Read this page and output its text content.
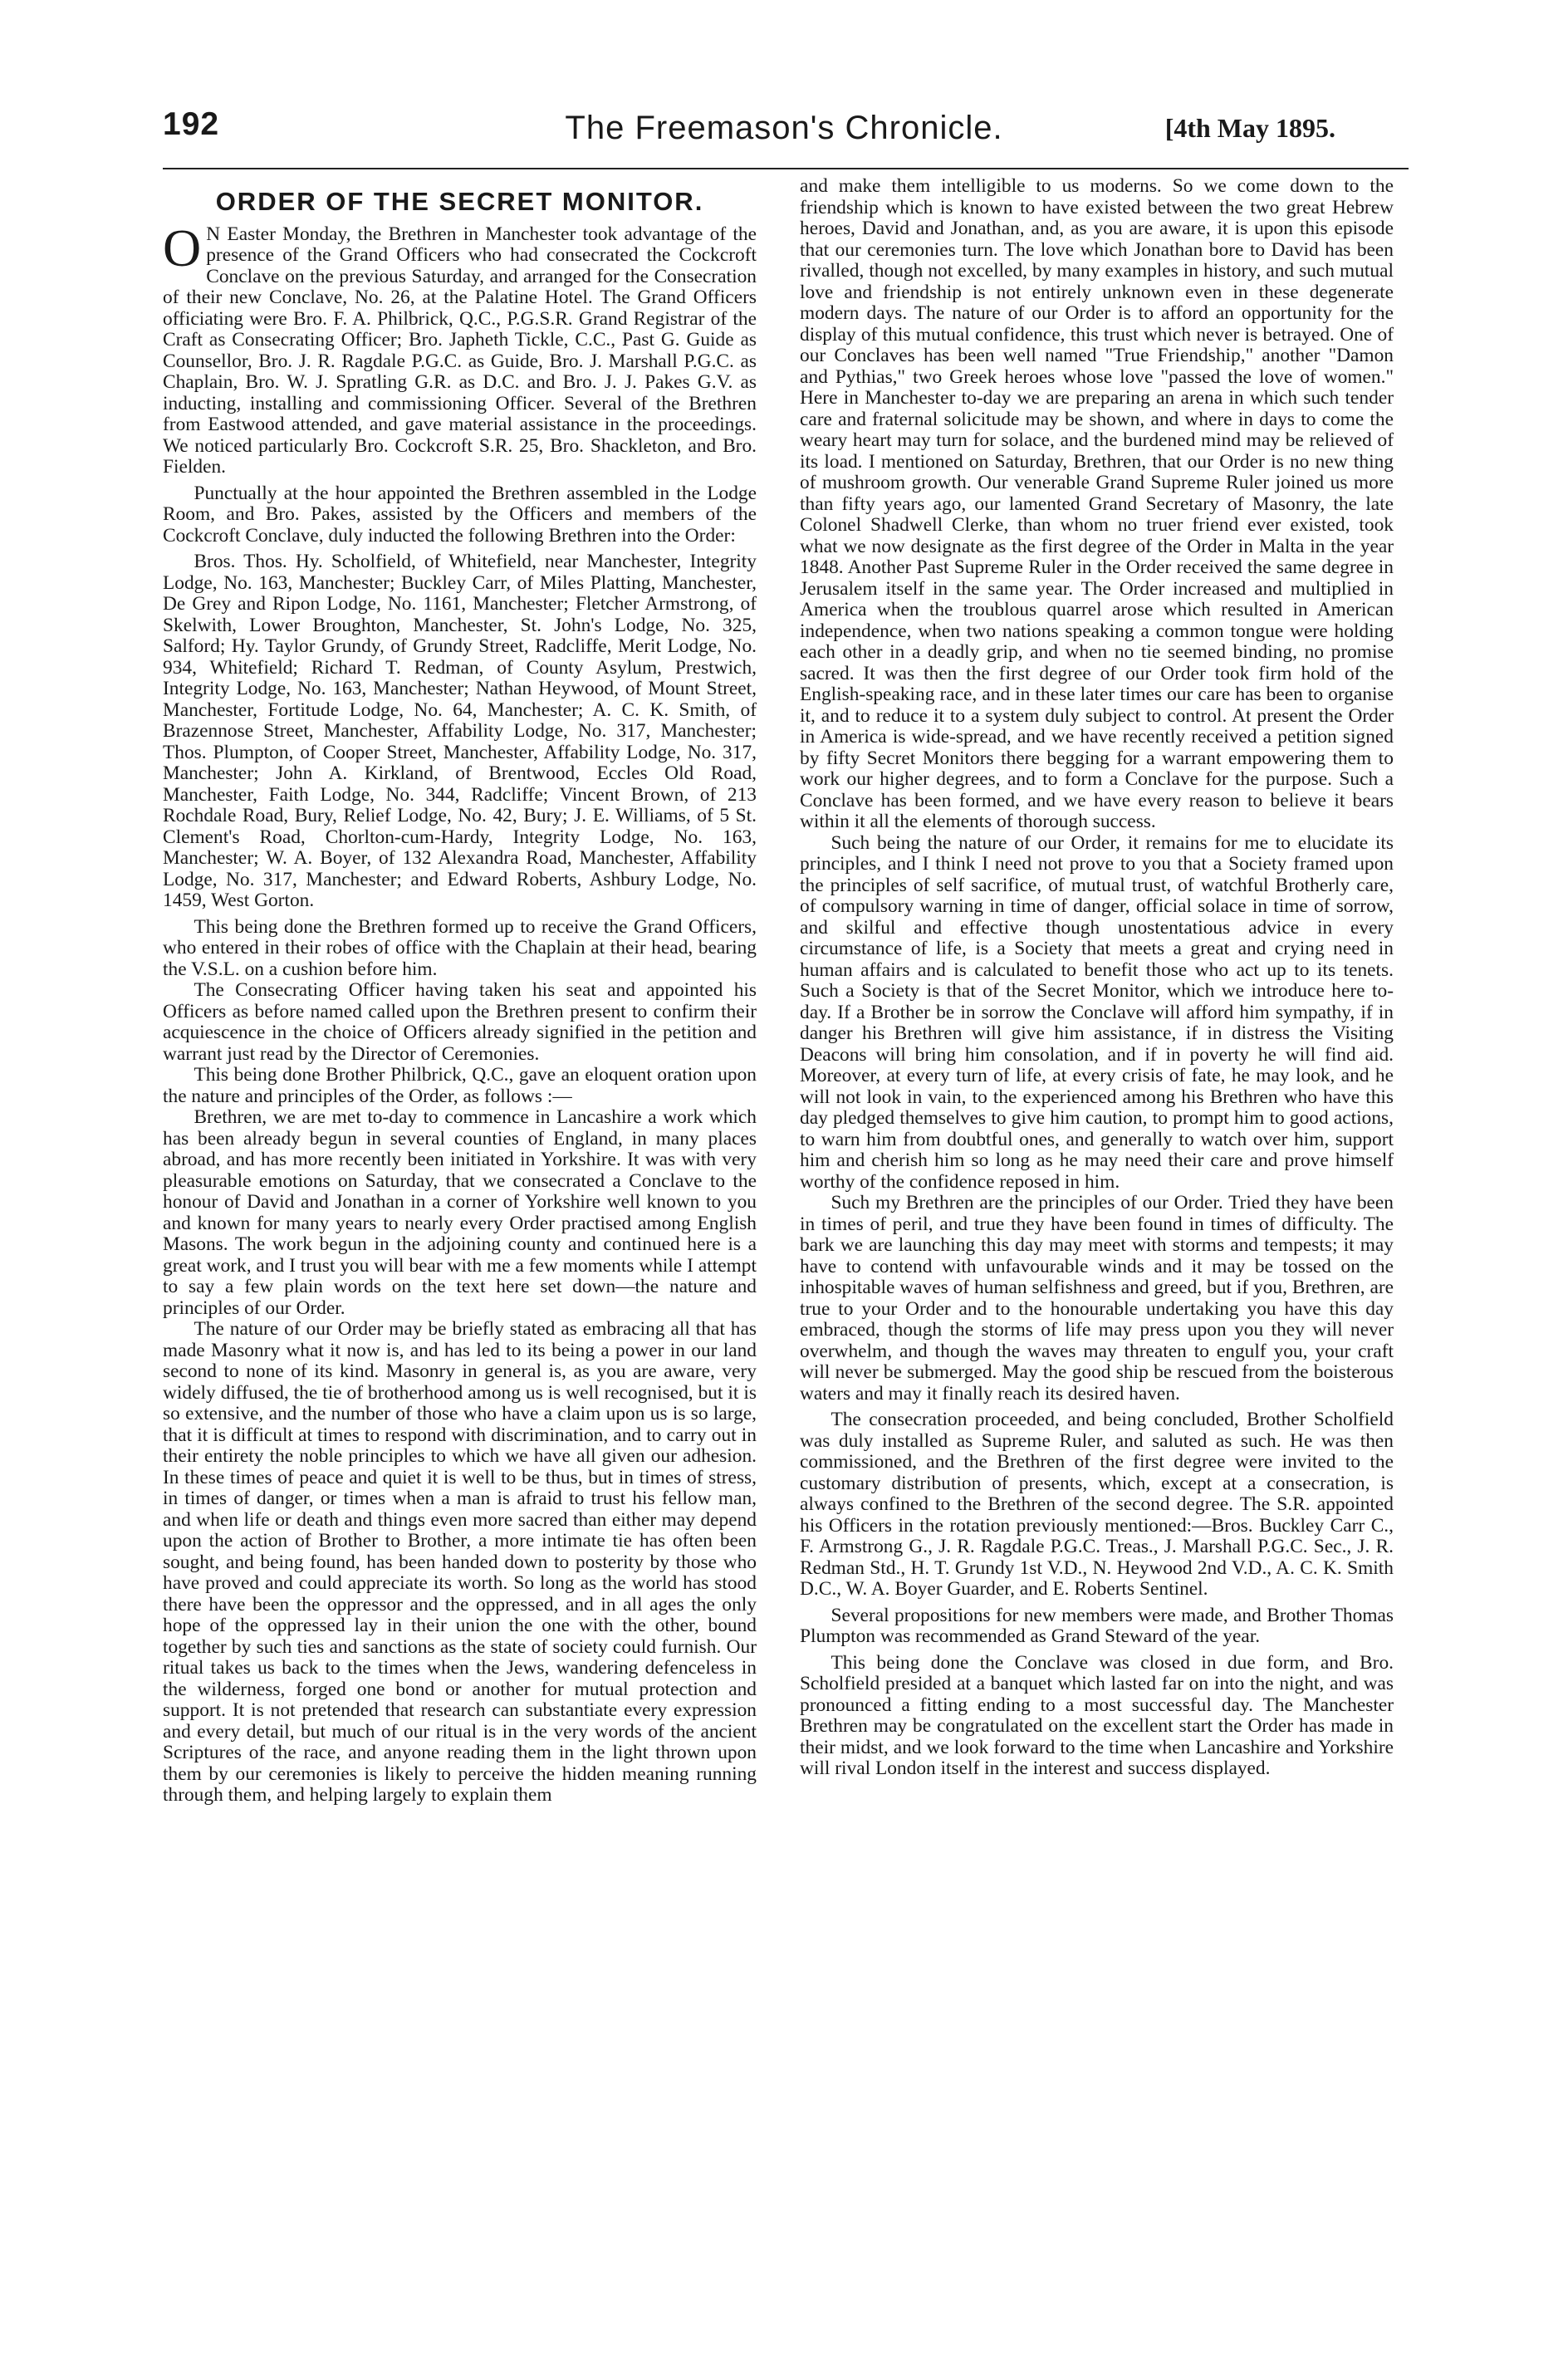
192	The Freemason's Chronicle.	[4th May 1895.

ORDER OF THE SECRET MONITOR.

O N Easter Monday, the Brethren in Manchester took advantage of the presence of the Grand Officers who had consecrated the Cockcroft Conclave on the previous Saturday, and arranged for the Consecration of their new Conclave, No. 26, at the Palatine Hotel. The Grand Officers officiating were Bro. F. A. Philbrick, Q.C., P.G.S.R. Grand Registrar of the Craft as Consecrating Officer; Bro. Japheth Tickle, C.C., Past G. Guide as Counsellor, Bro. J. R. Ragdale P.G.C. as Guide, Bro. J. Marshall P.G.C. as Chaplain, Bro. W. J. Spratling G.R. as D.C. and Bro. J. J. Pakes G.V. as inducting, installing and commissioning Officer. Several of the Brethren from Eastwood attended, and gave material assistance in the proceedings. We noticed particularly Bro. Cockcroft S.R. 25, Bro. Shackleton, and Bro. Fielden.

Punctually at the hour appointed the Brethren assembled in the Lodge Room, and Bro. Pakes, assisted by the Officers and members of the Cockcroft Conclave, duly inducted the following Brethren into the Order:

Bros. Thos. Hy. Scholfield, of Whitefield, near Manchester, Integrity Lodge, No. 163, Manchester; Buckley Carr, of Miles Platting, Manchester, De Grey and Ripon Lodge, No. 1161, Manchester; Fletcher Armstrong, of Skelwith, Lower Broughton, Manchester, St. John's Lodge, No. 325, Salford; Hy. Taylor Grundy, of Grundy Street, Radcliffe, Merit Lodge, No. 934, Whitefield; Richard T. Redman, of County Asylum, Prestwich, Integrity Lodge, No. 163, Manchester; Nathan Heywood, of Mount Street, Manchester, Fortitude Lodge, No. 64, Manchester; A. C. K. Smith, of Brazennose Street, Manchester, Affability Lodge, No. 317, Manchester; Thos. Plumpton, of Cooper Street, Manchester, Affability Lodge, No. 317, Manchester; John A. Kirkland, of Brentwood, Eccles Old Road, Manchester, Faith Lodge, No. 344, Radcliffe; Vincent Brown, of 213 Rochdale Road, Bury, Relief Lodge, No. 42, Bury; J. E. Williams, of 5 St. Clement's Road, Chorlton-cum-Hardy, Integrity Lodge, No. 163, Manchester; W. A. Boyer, of 132 Alexandra Road, Manchester, Affability Lodge, No. 317, Manchester; and Edward Roberts, Ashbury Lodge, No. 1459, West Gorton.

This being done the Brethren formed up to receive the Grand Officers, who entered in their robes of office with the Chaplain at their head, bearing the V.S.L. on a cushion before him.

The Consecrating Officer having taken his seat and appointed his Officers as before named called upon the Brethren present to confirm their acquiescence in the choice of Officers already signified in the petition and warrant just read by the Director of Ceremonies.

This being done Brother Philbrick, Q.C., gave an eloquent oration upon the nature and principles of the Order, as follows :—

Brethren, we are met to-day to commence in Lancashire a work which has been already begun in several counties of England, in many places abroad, and has more recently been initiated in Yorkshire. It was with very pleasurable emotions on Saturday, that we consecrated a Conclave to the honour of David and Jonathan in a corner of Yorkshire well known to you and known for many years to nearly every Order practised among English Masons. The work begun in the adjoining county and continued here is a great work, and I trust you will bear with me a few moments while I attempt to say a few plain words on the text here set down—the nature and principles of our Order.

The nature of our Order may be briefly stated as embracing all that has made Masonry what it now is, and has led to its being a power in our land second to none of its kind. Masonry in general is, as you are aware, very widely diffused, the tie of brotherhood among us is well recognised, but it is so extensive, and the number of those who have a claim upon us is so large, that it is difficult at times to respond with discrimination, and to carry out in their entirety the noble principles to which we have all given our adhesion. In these times of peace and quiet it is well to be thus, but in times of stress, in times of danger, or times when a man is afraid to trust his fellow man, and when life or death and things even more sacred than either may depend upon the action of Brother to Brother, a more intimate tie has often been sought, and being found, has been handed down to posterity by those who have proved and could appreciate its worth. So long as the world has stood there have been the oppressor and the oppressed, and in all ages the only hope of the oppressed lay in their union the one with the other, bound together by such ties and sanctions as the state of society could furnish. Our ritual takes us back to the times when the Jews, wandering defenceless in the wilderness, forged one bond or another for mutual protection and support. It is not pretended that research can substantiate every expression and every detail, but much of our ritual is in the very words of the ancient Scriptures of the race, and anyone reading them in the light thrown upon them by our ceremonies is likely to perceive the hidden meaning running through them, and helping largely to explain them

and make them intelligible to us moderns. So we come down to the friendship which is known to have existed between the two great Hebrew heroes, David and Jonathan, and, as you are aware, it is upon this episode that our ceremonies turn. The love which Jonathan bore to David has been rivalled, though not excelled, by many examples in history, and such mutual love and friendship is not entirely unknown even in these degenerate modern days. The nature of our Order is to afford an opportunity for the display of this mutual confidence, this trust which never is betrayed. One of our Conclaves has been well named "True Friendship," another "Damon and Pythias," two Greek heroes whose love "passed the love of women." Here in Manchester to-day we are preparing an arena in which such tender care and fraternal solicitude may be shown, and where in days to come the weary heart may turn for solace, and the burdened mind may be relieved of its load. I mentioned on Saturday, Brethren, that our Order is no new thing of mushroom growth. Our venerable Grand Supreme Ruler joined us more than fifty years ago, our lamented Grand Secretary of Masonry, the late Colonel Shadwell Clerke, than whom no truer friend ever existed, took what we now designate as the first degree of the Order in Malta in the year 1848. Another Past Supreme Ruler in the Order received the same degree in Jerusalem itself in the same year. The Order increased and multiplied in America when the troublous quarrel arose which resulted in American independence, when two nations speaking a common tongue were holding each other in a deadly grip, and when no tie seemed binding, no promise sacred. It was then the first degree of our Order took firm hold of the English-speaking race, and in these later times our care has been to organise it, and to reduce it to a system duly subject to control. At present the Order in America is wide-spread, and we have recently received a petition signed by fifty Secret Monitors there begging for a warrant empowering them to work our higher degrees, and to form a Conclave for the purpose. Such a Conclave has been formed, and we have every reason to believe it bears within it all the elements of thorough success.

Such being the nature of our Order, it remains for me to elucidate its principles, and I think I need not prove to you that a Society framed upon the principles of self sacrifice, of mutual trust, of watchful Brotherly care, of compulsory warning in time of danger, official solace in time of sorrow, and skilful and effective though unostentatious advice in every circumstance of life, is a Society that meets a great and crying need in human affairs and is calculated to benefit those who act up to its tenets. Such a Society is that of the Secret Monitor, which we introduce here to-day. If a Brother be in sorrow the Conclave will afford him sympathy, if in danger his Brethren will give him assistance, if in distress the Visiting Deacons will bring him consolation, and if in poverty he will find aid. Moreover, at every turn of life, at every crisis of fate, he may look, and he will not look in vain, to the experienced among his Brethren who have this day pledged themselves to give him caution, to prompt him to good actions, to warn him from doubtful ones, and generally to watch over him, support him and cherish him so long as he may need their care and prove himself worthy of the confidence reposed in him.

Such my Brethren are the principles of our Order. Tried they have been in times of peril, and true they have been found in times of difficulty. The bark we are launching this day may meet with storms and tempests; it may have to contend with unfavourable winds and it may be tossed on the inhospitable waves of human selfishness and greed, but if you, Brethren, are true to your Order and to the honourable undertaking you have this day embraced, though the storms of life may press upon you they will never overwhelm, and though the waves may threaten to engulf you, your craft will never be submerged. May the good ship be rescued from the boisterous waters and may it finally reach its desired haven.

The consecration proceeded, and being concluded, Brother Scholfield was duly installed as Supreme Ruler, and saluted as such. He was then commissioned, and the Brethren of the first degree were invited to the customary distribution of presents, which, except at a consecration, is always confined to the Brethren of the second degree. The S.R. appointed his Officers in the rotation previously mentioned:—Bros. Buckley Carr C., F. Armstrong G., J. R. Ragdale P.G.C. Treas., J. Marshall P.G.C. Sec., J. R. Redman Std., H. T. Grundy 1st V.D., N. Heywood 2nd V.D., A. C. K. Smith D.C., W. A. Boyer Guarder, and E. Roberts Sentinel.

Several propositions for new members were made, and Brother Thomas Plumpton was recommended as Grand Steward of the year.

This being done the Conclave was closed in due form, and Bro. Scholfield presided at a banquet which lasted far on into the night, and was pronounced a fitting ending to a most successful day. The Manchester Brethren may be congratulated on the excellent start the Order has made in their midst, and we look forward to the time when Lancashire and Yorkshire will rival London itself in the interest and success displayed.
